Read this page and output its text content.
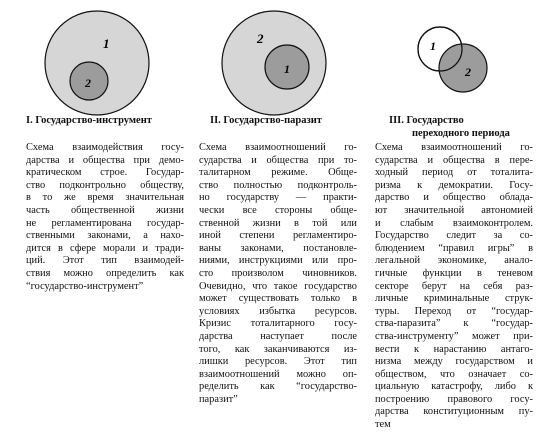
1
2
I. Государство-инструмент
Схема взаимодействия госу-
дарства и общества при демо-
кратическом строе. Государ-
ство подконтрольно обществу,
в то же время значительная
часть общественной жизни
не регламентирована государ-
ственными законами, а нахо-
дится в сфере морали и тради-
ций. Этот тип взаимодей-
ствия можно определить как
“государство-инструмент”
2
1
II. Государство-паразит
Схема взаимоотношений го-
сударства и общества при то-
талитарном режиме. Обще-
ство полностью подконтроль-
но государству — практи-
чески все стороны обще-
ственной жизни в той или
иной степени регламентиро-
ваны законами, постановле-
ниями, инструкциями или про-
сто произволом чиновников.
Очевидно, что такое государство
может существовать только в
условиях избытка ресурсов.
Кризис тоталитарного госу-
дарства наступает после
того, как заканчиваются из-
лишки ресурсов. Этот тип
взаимоотношений можно оп-
ределить как “государство-
паразит”
1
2
III. Государство
переходного периода
Схема взаимоотношений го-
сударства и общества в пере-
ходный период от тоталита-
ризма к демократии. Госу-
дарство и общество облада-
ют значительной автономией
и слабым взаимоконтролем.
Государство следит за со-
блюдением “правил игры” в
легальной экономике, анало-
гичные функции в теневом
секторе берут на себя раз-
личные криминальные струк-
туры. Переход от “государ-
ства-паразита” к “государ-
ства-инструменту” может при-
вести к нарастанию антаго-
низма между государством и
обществом, что означает со-
циальную катастрофу, либо к
построению правового госу-
дарства конституционным пу-
тем
